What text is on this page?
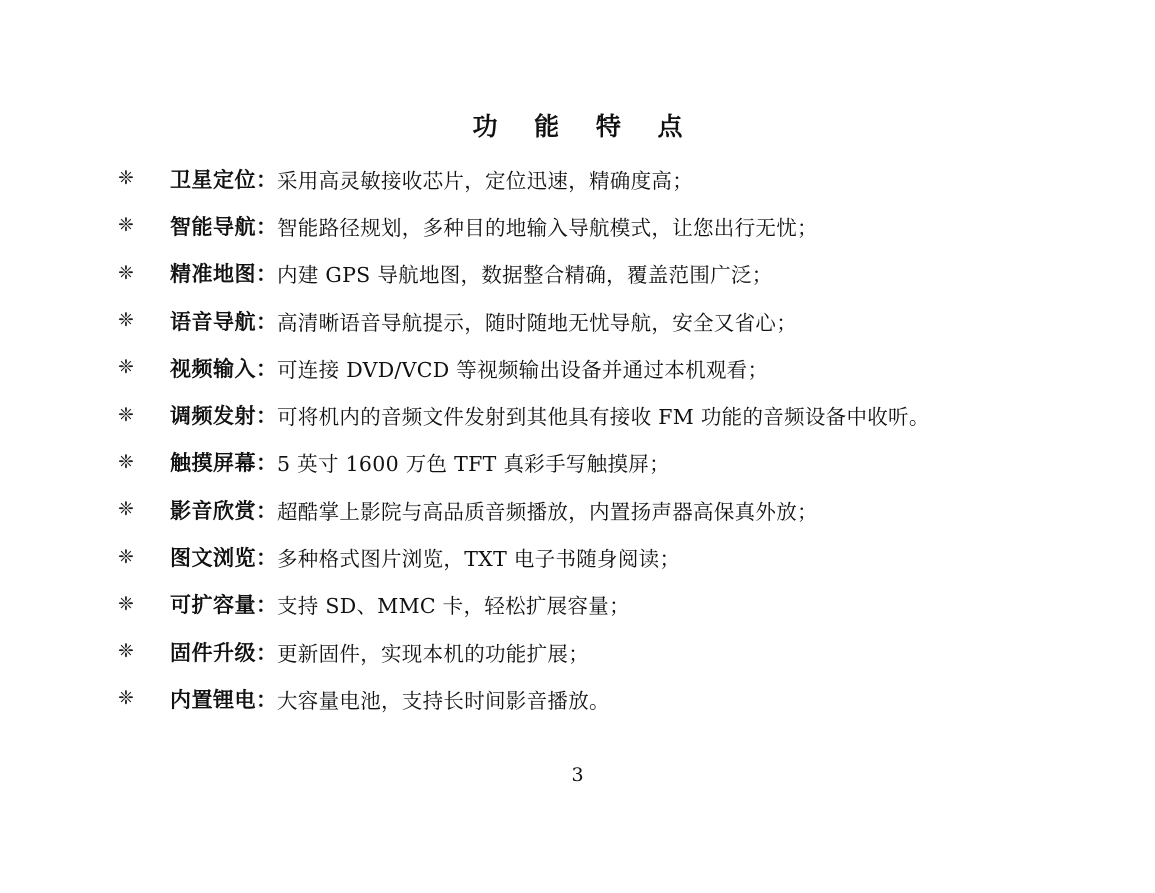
功 能 特 点
❈	卫星定位 ： 采用高灵敏接收芯片，定位迅速，精确度高；
❈	智能导航 ： 智能路径规划，多种目的地输入导航模式，让您出行无忧；
❈	精准地图 ： 内建 GPS 导航地图，数据整合精确，覆盖范围广泛；
❈	语音导航 ： 高清晰语音导航提示，随时随地无忧导航，安全又省心；
❈	视频输入 ： 可连接 DVD/VCD 等视频输出设备并通过本机观看；
❈	调频发射 ： 可将机内的音频文件发射到其他具有接收 FM 功能的音频设备中收听。
❈	触摸屏幕 ： 5 英寸 1600 万色 TFT 真彩手写触摸屏；
❈	影音欣赏 ： 超酷掌上影院与高品质音频播放，内置扬声器高保真外放；
❈	图文浏览 ： 多种格式图片浏览，TXT 电子书随身阅读；
❈	可扩容量 ： 支持 SD、MMC 卡，轻松扩展容量；
❈	固件升级 ： 更新固件，实现本机的功能扩展；
❈	内置锂电 ： 大容量电池，支持长时间影音播放。
3
